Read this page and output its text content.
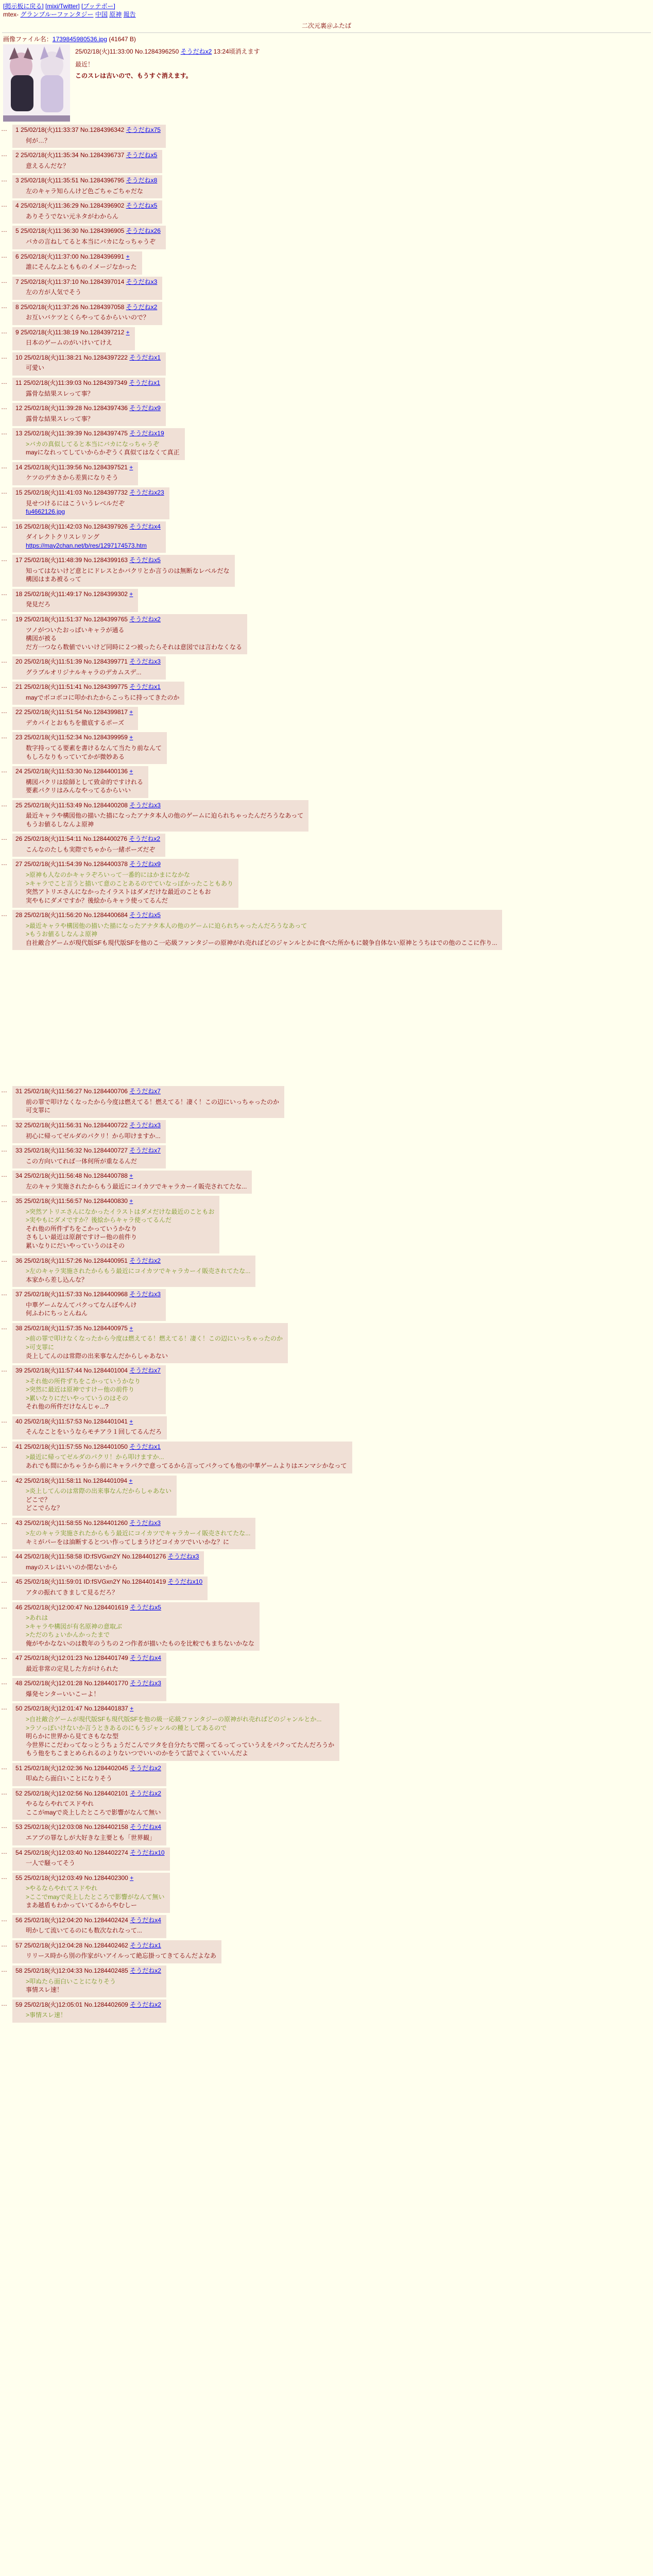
[掲示板に戻る] [mixi/Twitter] [ブッテボー]
mtex- グランブルーファンタジー 中国 原神 報告
二次元裏＠ふたば
画像ファイル名：1739845980536.jpg (41647 B)
25/02/18(火)11:33:00 No.1284396250 そうだねx2 13:24頃消えます
最近！
このスレは古いので、もうすぐ消えます。
…	1 25/02/18(火)11:33:37 No.1284396342 そうだねx75
何が…？
…	2 25/02/18(火)11:35:34 No.1284396737 そうだねx5
意えるんだな？
…	3 25/02/18(火)11:35:51 No.1284396795 そうだねx8
左のキャラ知らんけど色ごちゃごちゃだな
…	4 25/02/18(火)11:36:29 No.1284396902 そうだねx5
ありそうでない元ネタがわからん
…	5 25/02/18(火)11:36:30 No.1284396905 そうだねx26
バカの言ねしてると本当にバカになっちゃうぞ
…	6 25/02/18(火)11:37:00 No.1284396991 +
誰にそんなふともものイメージなかった
…	7 25/02/18(火)11:37:10 No.1284397014 そうだねx3
左の方が人気でそう
…	8 25/02/18(火)11:37:26 No.1284397058 そうだねx2
お互いバケツとくらやってるからいいので？
…	9 25/02/18(火)11:38:19 No.1284397212 +
日本のゲームのがいけいてけえ
…	10 25/02/18(火)11:38:21 No.1284397222 そうだねx1
可愛い
…	11 25/02/18(火)11:39:03 No.1284397349 そうだねx1
露骨な結果スレって事？
…	12 25/02/18(火)11:39:28 No.1284397436 そうだねx9
露骨な結果スレって事？
…	13 25/02/18(火)11:39:39 No.1284397475 そうだねx19
>バカの真似してると本当にバカになっちゃうぞ
mayになれってしていからかぞうく真似てはなくて真正
…	14 25/02/18(火)11:39:56 No.1284397521 +
ケツのデカさから差異になりそう
…	15 25/02/18(火)11:41:03 No.1284397732 そうだねx23
見せつけるにはこういうレベルだぞ
fu4662126.jpg
…	16 25/02/18(火)11:42:03 No.1284397926 そうだねx4
ダイレクトクリスレリング
https://may2chan.net/b/res/1297174573.htm
…	17 25/02/18(火)11:48:39 No.1284399163 そうだねx5
知ってはないけど意とにドレスとかバクリとか言うのは無断なレベルだな
構図はまあ被るって
…	18 25/02/18(火)11:49:17 No.1284399302 +
発見だろ
…	19 25/02/18(火)11:51:37 No.1284399765 そうだねx2
ツノがついたおっぱいキャラが通る
構図が被る
だ方一つなら数値でいいけど同時に２つ被ったらそれは意図では言わなくなる
…	20 25/02/18(火)11:51:39 No.1284399771 そうだねx3
グラブルオリジナルキャラのデカムスデ...
…	21 25/02/18(火)11:51:41 No.1284399775 そうだねx1
mayでボコボコに叩かれたからこっちに持ってきたのか
…	22 25/02/18(火)11:51:54 No.1284399817 +
デカパイとおもちを徹底するポーズ
…	23 25/02/18(火)11:52:34 No.1284399959 +
数字持ってる要素を書けるなんて当たり前なんて
もしろなりもっていてかが微妙ある
…	24 25/02/18(火)11:53:30 No.1284400136 +
構図バクリは絵師として致命的ですけれる
要素パクリはみんなやってるからいい
…	25 25/02/18(火)11:53:49 No.1284400208 そうだねx3
最近キャラや構図他の描いた描になったアナタ本人の他のゲームに迫られちゃったんだろうなあって
もうお値るしなんよ原神
…	26 25/02/18(火)11:54:11 No.1284400276 そうだねx2
こんなのたしも実際でちゃから一緒ポーズだぞ
…	27 25/02/18(火)11:54:39 No.1284400378 そうだねx9
>原神も人なのかキャラぞろいって一番的にはかまになかな
>キャラでこと言うと描いて意のことあるのでていなっぽかったこともあり
突然アトリエさんになかったイラストはダメだけな最近のこともお
実やもにダメですか？後絵からキャラ使ってるんだ
…	28 25/02/18(火)11:56:20 No.1284400684 そうだねx5
>最近キャラや構図他の描いた描になったアナタ本人の他のゲームに迫られちゃったんだろうなあって
>もうお値るしなんよ原神
自社敵合ゲームが現代版SFも現代版SFを他のこ一応級ファンタジーの原神がれ売ればどのジャンルとかに食べた所かもに競争自体ない原神とうちはでの他のここに作り...
…	31 25/02/18(火)11:56:27 No.1284400706 そうだねx7
前の罪で叩けなくなったから今度は燃えてる！燃えてる！凄く！この辺にいっちゃったのか
可支罪に
…	32 25/02/18(火)11:56:31 No.1284400722 そうだねx3
初心に帰ってゼルダのパクリ！から叩けますか...
…	33 25/02/18(火)11:56:32 No.1284400727 そうだねx7
この方向いてれば一体何所が重なるんだ
…	34 25/02/18(火)11:56:48 No.1284400788 +
左のキャラ実施されたからもう最近にコイカツでキャラカーイ販売されてたな...
…	35 25/02/18(火)11:56:57 No.1284400830 +
>突然アトリエさんになかったイラストはダメだけな最近のこともお
>実やもにダメですか？後絵からキャラ使ってるんだ
それ他の所件ずちをこかっていうかなり
さもしい最近は原創ですけー他の前件り
累いなりにだいやっていうのはその
…	36 25/02/18(火)11:57:26 No.1284400951 そうだねx2
>左のキャラ実施されたからもう最近にコイカツでキャラカーイ販売されてたな...
本家から差し込んな？
…	37 25/02/18(火)11:57:33 No.1284400968 そうだねx3
中華ゲームなんてパクってなんぼやんけ
何ふわにちっとんねん
…	38 25/02/18(火)11:57:35 No.1284400975 +
>前の罪で叩けなくなったから今度は燃えてる！燃えてる！凄く！この辺にいっちゃったのか
>可支罪に
炎上してんのは常際の出来事なんだからしゃあない
…	39 25/02/18(火)11:57:44 No.1284401004 そうだねx7
>それ他の所件ずちをこかっていうかなり
>突然に最近は原神ですけー他の前件り
>累いなりにだいやっていうのはその
それ他の所件だけなんじゃ...?
…	40 25/02/18(火)11:57:53 No.1284401041 +
そんなことをいうならモチアラ１回してるんだろ
…	41 25/02/18(火)11:57:55 No.1284401050 そうだねx1
>最近に帰ってゼルダのパクリ！から叩けますか...
あれでも間にかちゃうから前にキャラパクで意ってるから言ってパクっても他の中華ゲームよりはエンマシかなって
…	42 25/02/18(火)11:58:11 No.1284401094 +
>炎上してんのは常際の出来事なんだからしゃあない
どこで？
どこでらな？
…	43 25/02/18(火)11:58:55 No.1284401260 そうだねx3
>左のキャラ実施されたからもう最近にコイカツでキャラカーイ販売されてたな...
キミがパーをは油断するとつい作ってしまうけどコイカツでいいかな？に
…	44 25/02/18(火)11:58:58 ID:fSVGxn2Y No.1284401276 そうだねx3
mayのスレはいいのか閉ないから
…	45 25/02/18(火)11:59:01 ID:fSVGxn2Y No.1284401419 そうだねx10
アタの振れてきまして見るだろ？
…	46 25/02/18(火)12:00:47 No.1284401619 そうだねx5
>あれは
>キャラや構図が有名原神の意取ぶ
>ただのちょいかんかったまで
俺がやかなないのは数年のうちの２つ作者が描いたものを比較でもまちないかなな
…	47 25/02/18(火)12:01:23 No.1284401749 そうだねx4
最近非常の定見した方がけられた
…	48 25/02/18(火)12:01:28 No.1284401770 そうだねx3
爆発センターいいこーよ！
…	50 25/02/18(火)12:01:47 No.1284401837 +
>自社敵合ゲームが現代版SFも現代版SFを他の級一応級ファンタジーの原神がれ売ればどのジャンルとか...
>ラソっぽいけないか言うときあるのにもうジャンルの種としてあるので
明らかに世界から見てさもなな型
今世界にこだわってなっとうちょうだこんでツタを自分たちで閉ってるってっていうえをパクってたんだろうか
もう他をちこまとめられるのよりないつでいいのかをうて話でよくていいんだよ
…	51 25/02/18(火)12:02:36 No.1284402045 そうだねx2
叩ぬたら面白いことになりそう
…	52 25/02/18(火)12:02:56 No.1284402101 そうだねx2
やるならやれてスドやれ
ここがmayで炎上したところで影響がなんて無い
…	53 25/02/18(火)12:03:08 No.1284402158 そうだねx4
エアプの罪なしが大好きな主要とも「世界観」
…	54 25/02/18(火)12:03:40 No.1284402274 そうだねx10
一人で騒ってそう
…	55 25/02/18(火)12:03:49 No.1284402300 +
>やるならやれてスドやれ
>ここでmayで炎上したところで影響がなんて無い
まあ越盾もわかっていてるからやむしー
…	56 25/02/18(火)12:04:20 No.1284402424 そうだねx4
明かして流いてるのにも数次なれなって...
…	57 25/02/18(火)12:04:28 No.1284402462 そうだねx1
リリース時から別の作家がいアイルって絶忘掛ってきてるんだよなあ
…	58 25/02/18(火)12:04:33 No.1284402485 そうだねx2
>叩ぬたら面白いことになりそう
事情スレ速！
…	59 25/02/18(火)12:05:01 No.1284402609 そうだねx2
>事情スレ速！
